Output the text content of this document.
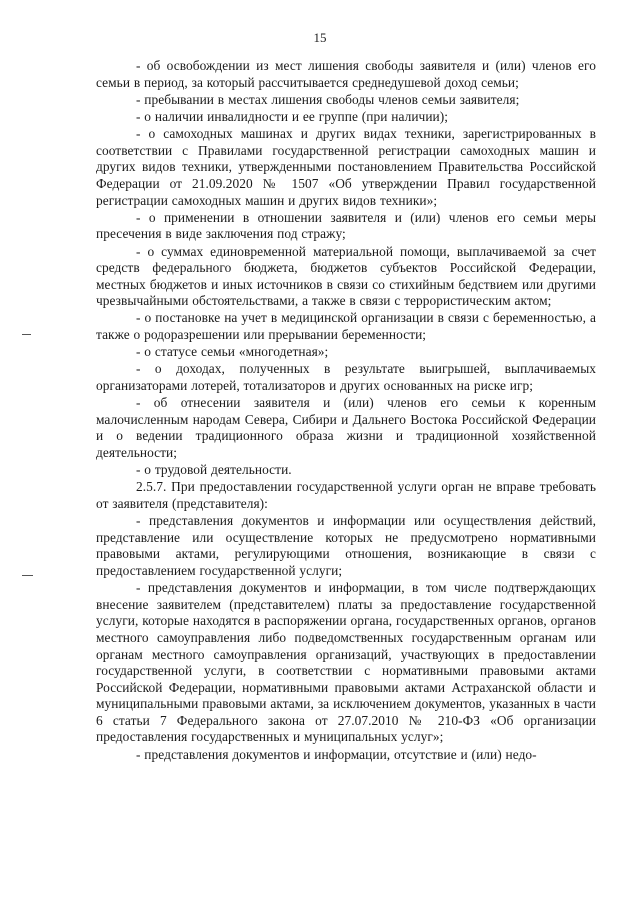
15

- об освобождении из мест лишения свободы заявителя и (или) членов его семьи в период, за который рассчитывается среднедушевой доход семьи;

- пребывании в местах лишения свободы членов семьи заявителя;

- о наличии инвалидности и ее группе (при наличии);

- о самоходных машинах и других видах техники, зарегистрированных в соответствии с Правилами государственной регистрации самоходных машин и других видов техники, утвержденными постановлением Правительства Российской Федерации от 21.09.2020 № 1507 «Об утверждении Правил государственной регистрации самоходных машин и других видов техники»;

- о применении в отношении заявителя и (или) членов его семьи меры пресечения в виде заключения под стражу;

- о суммах единовременной материальной помощи, выплачиваемой за счет средств федерального бюджета, бюджетов субъектов Российской Федерации, местных бюджетов и иных источников в связи со стихийным бедствием или другими чрезвычайными обстоятельствами, а также в связи с террористическим актом;

- о постановке на учет в медицинской организации в связи с беременностью, а также о родоразрешении или прерывании беременности;

- о статусе семьи «многодетная»;

- о доходах, полученных в результате выигрышей, выплачиваемых организаторами лотерей, тотализаторов и других основанных на риске игр;

- об отнесении заявителя и (или) членов его семьи к коренным малочисленным народам Севера, Сибири и Дальнего Востока Российской Федерации и о ведении традиционного образа жизни и традиционной хозяйственной деятельности;

- о трудовой деятельности.

2.5.7. При предоставлении государственной услуги орган не вправе требовать от заявителя (представителя):

- представления документов и информации или осуществления действий, представление или осуществление которых не предусмотрено нормативными правовыми актами, регулирующими отношения, возникающие в связи с предоставлением государственной услуги;

- представления документов и информации, в том числе подтверждающих внесение заявителем (представителем) платы за предоставление государственной услуги, которые находятся в распоряжении органа, государственных органов, органов местного самоуправления либо подведомственных государственным органам или органам местного самоуправления организаций, участвующих в предоставлении государственной услуги, в соответствии с нормативными правовыми актами Российской Федерации, нормативными правовыми актами Астраханской области и муниципальными правовыми актами, за исключением документов, указанных в части 6 статьи 7 Федерального закона от 27.07.2010 № 210-ФЗ «Об организации предоставления государственных и муниципальных услуг»;

- представления документов и информации, отсутствие и (или) недо-
